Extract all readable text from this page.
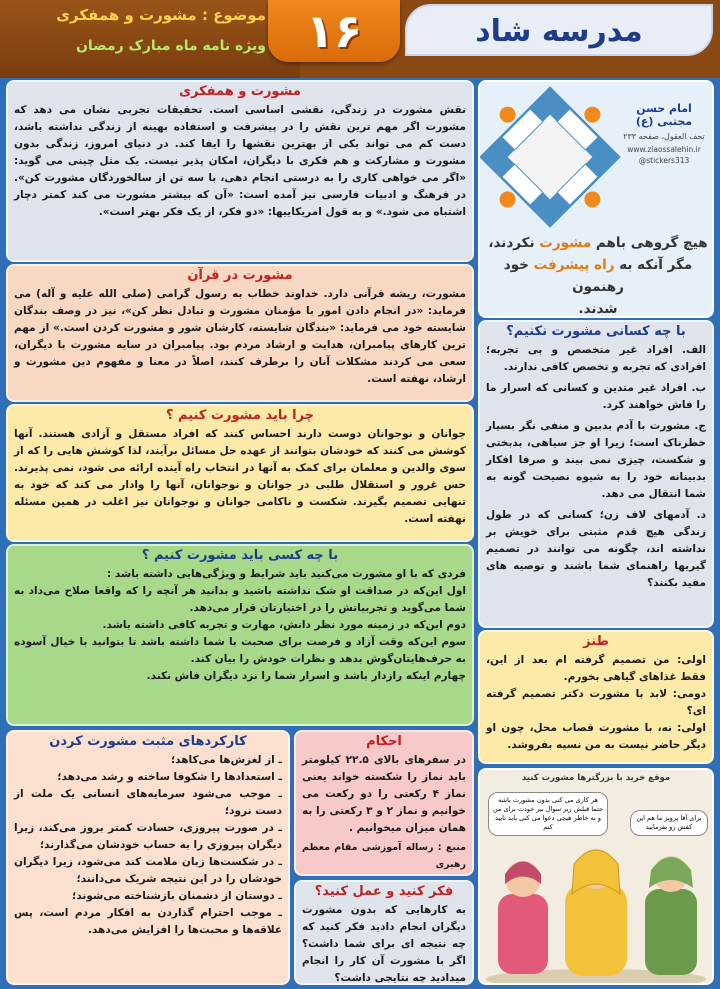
موضوع : مشورت و همفکری
ویژه نامه ماه مبارک رمضان ۱۶	مدرسه شاد
امام حسن مجتبی (ع)
تحف العقول، صفحه ۲۳۳
www.ziaossalehin.ir
@stickers313
هیچ گروهی باهم مشورت نکردند،
مگر آنکه به راه پیشرفت خود رهنمون
شدند.
مشورت و همفکری

نقش مشورت در زندگی، نقشی اساسی است. تحقیقات تجربی نشان می دهد که مشورت اگر مهم ترین نقش را در پیشرفت و استفاده بهینه از زندگی نداشته باشد، دست کم می تواند یکی از بهترین نقشها را ایفا کند. در دنیای امروز، زندگی بدون مشورت و مشارکت و هم فکری با دیگران، امکان پذیر نیست. یک مثل چینی می گوید: «اگر می خواهی کاری را به درستی انجام دهی، با سه تن از سالخوردگان مشورت کن». در فرهنگ و ادبیات فارسی نیز آمده است: «آن که بیشتر مشورت می کند کمتر دچار اشتباه می شود.» و به قول امریکاییها: «دو فکر، از یک فکر بهتر است».

مشورت در قرآن

مشورت، ریشه قرآنی دارد. خداوند خطاب به رسول گرامی (صلی الله علیه و آله) می فرماید: «در انجام دادن امور با مؤمنان مشورت و تبادل نظر کن»، نیز در وصف بندگان شایسته خود می فرماید: «بندگان شایسته، کارشان شور و مشورت کردن است.» از مهم ترین کارهای پیامبران، هدایت و ارشاد مردم بود. پیامبران در سایه مشورت با دیگران، سعی می کردند مشکلات آنان را برطرف کنند، اصلاً در معنا و مفهوم دین مشورت و ارشاد، نهفته است.

چرا باید مشورت کنیم ؟

جوانان و نوجوانان دوست دارند احساس کنند که افراد مستقل و آزادی هستند. آنها کوشش می کنند که خودشان بتوانند از عهده حل مسائل برآیند، لذا کوشش هایی را که از سوی والدین و معلمان برای کمک به آنها در انتخاب راه آینده ارائه می شود، نمی پذیرند. حس غرور و استقلال طلبی در جوانان و نوجوانان، آنها را وادار می کند که خود به تنهایی تصمیم بگیرند. شکست و ناکامی جوانان و نوجوانان نیز اغلب در همین مسئله نهفته است.

با چه کسی باید مشورت کنیم ؟

فردی که با او مشورت می‌کنید باید شرایط و ویژگی‌هایی داشته باشد :

اول این‌که در صداقت او شک نداشته باشید و بدانید هر آنچه را که واقعا صلاح می‌داد به شما می‌گوید و تجربیاتش را در اختیارتان قرار می‌دهد.

دوم این‌که در زمینه مورد نظر دانش، مهارت و تجربه کافی داشته باشد.

سوم این‌که وقت آزاد و فرصت برای صحبت با شما داشته باشد تا بتوانید با خیال آسوده به حرف‌هایتان‌گوش بدهد و نظرات خودش را بیان کند.

چهارم اینکه رازدار باشد و اسرار شما را نزد دیگران فاش نکند.

با چه کسانی مشورت نکنیم؟

الف. افراد غیر متخصص و بی تجربه؛ افرادی که تجربه و تخصص کافی ندارند.

ب. افراد غیر متدین و کسانی که اسرار ما را فاش خواهند کرد.

ج. مشورت با آدم بدبین و منفی نگر بسیار خطرناک است؛ زیرا او جز سیاهی، بدبختی و شکست، چیزی نمی بیند و صرفا افکار بدبینانه خود را به شیوه نصیحت گونه به شما انتقال می دهد.

د. آدمهای لاف زن؛ کسانی که در طول زندگی هیچ قدم مثبتی برای خویش بر نداشته اند، چگونه می توانند در تصمیم گیریها راهنمای شما باشند و توصیه های مفید بکنند؟

طنز

اولی: من تصمیم گرفته ام بعد از این، فقط غذاهای گیاهی بخورم.

دومی: لابد با مشورت دکتر تصمیم گرفته ای؟

اولی: نه، با مشورت قصاب محل، چون او دیگر حاضر نیست به من نسیه بفروشد.

کارکردهای مثبت مشورت کردن

ـ از لغزش‌ها می‌کاهد؛

ـ استعدادها را شکوفا ساخته و رشد می‌دهد؛

ـ موجب می‌شود سرمایه‌های انسانی یک ملت از دست نرود؛

ـ در صورت پیروزی، حسادت کمتر بروز می‌کند، زیرا دیگران پیروزی را به حساب خودشان می‌گذارند؛

ـ در شکست‌ها زبان ملامت کند می‌شود، زیرا دیگران خودشان را در این نتیجه شریک می‌دانند؛

ـ دوستان از دشمنان بازشناخته می‌شوند؛

ـ موجب احترام گذاردن به افکار مردم است، پس علاقه‌ها و محبت‌ها را افزایش می‌دهد.

احکام

در سفرهای بالای ۲۲.۵ کیلومتر باید نماز را شکسته خواند یعنی نماز ۴ رکعتی را دو رکعت می خوانیم و نماز ۲ و ۳ رکعتی را به همان میزان میخوانیم .

منبع : رساله آموزشی مقام معظم رهبری

فکر کنید و عمل کنید؟

به کارهایی که بدون مشورت دیگران انجام دادید فکر کنید که چه نتیجه ای برای شما داشت؟ اگر با مشورت آن کار را انجام میدادید چه نتایجی داشت؟

موقع خرید با بزرگترها مشورت کنید
هر کاری می کنی بدون مشورت باشه حتما قبلش زیر سوال ببر خودت برای من و به خاطر هیچی دعوا می کنی باید تایید کنم
برای آقا پرویز ما هم این کفش رو بفرمایید
